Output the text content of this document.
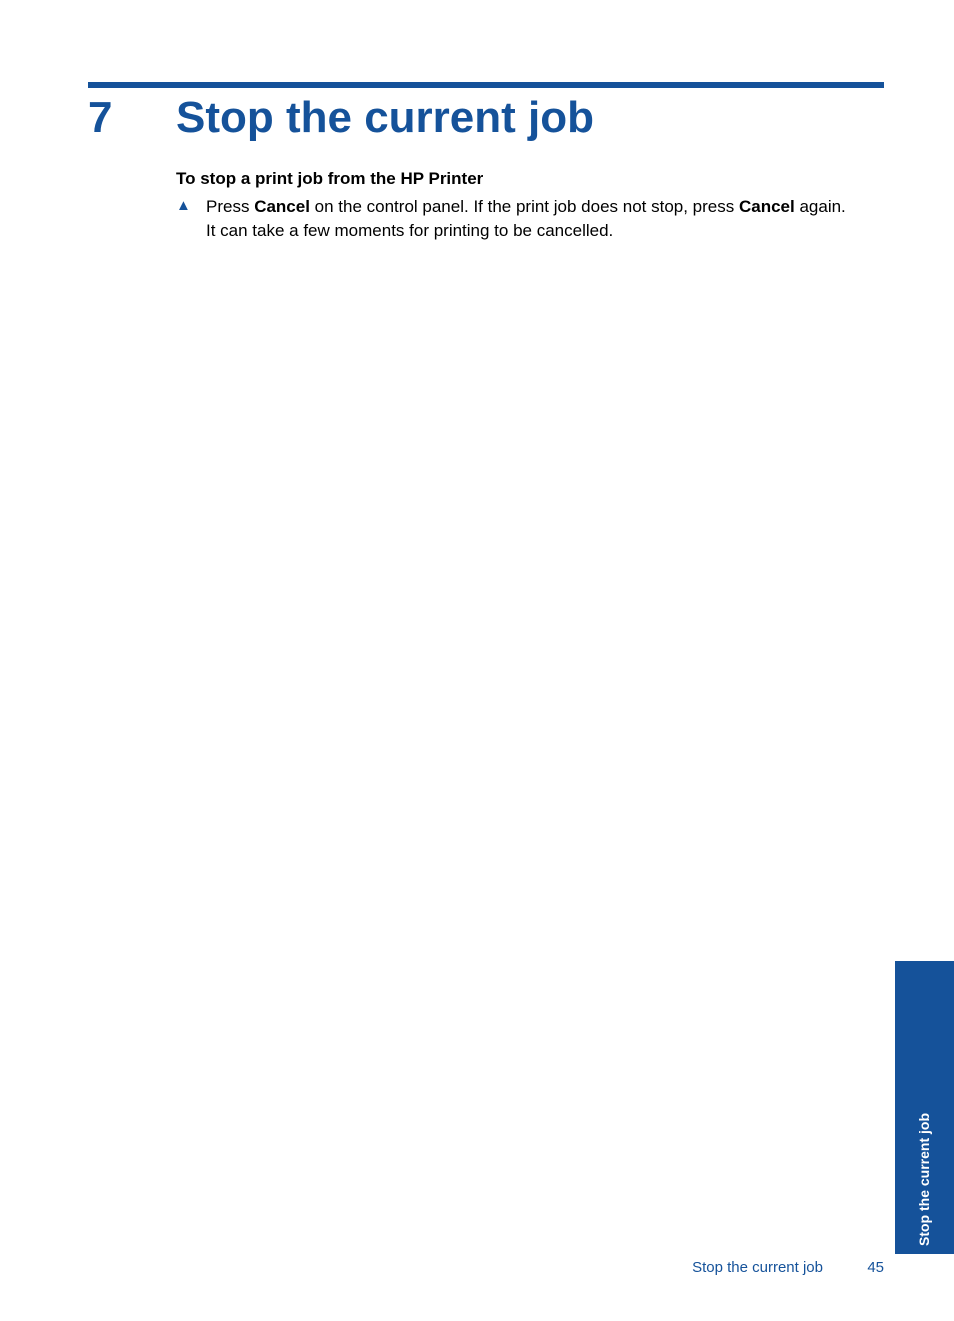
7 Stop the current job
To stop a print job from the HP Printer
▲ Press Cancel on the control panel. If the print job does not stop, press Cancel again.
It can take a few moments for printing to be cancelled.
Stop the current job
Stop the current job	45
